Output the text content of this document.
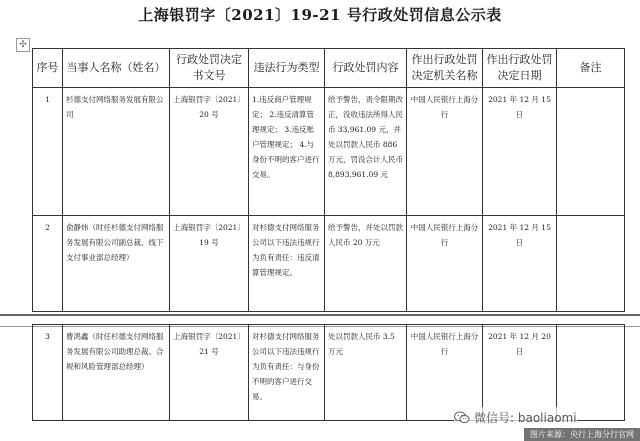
上海银罚字〔2021〕19-21 号行政处罚信息公示表
✣
序号	当事人名称（姓名）	行政处罚决定书文号	违法行为类型	行政处罚内容	作出行政处罚决定机关名称	作出行政处罚决定日期	备注
1	杉德支付网络服务发展有限公司	上海银罚字〔2021〕20 号	1.违反商户管理规定； 2.违反清算管理规定； 3.违反账户管理规定； 4.与身份不明的客户进行交易。	给予警告，责令限期改正，没收违法所得人民币 33,961.09 元，并处以罚款人民币 886 万元，罚没合计人民币 8,893,961.09 元	中国人民银行上海分行	2021 年 12 月 15 日	
2	俞静炜（时任杉德支付网络服务发展有限公司副总裁、线下支付事业部总经理）	上海银罚字〔2021〕19 号	对杉德支付网络服务公司以下违法违规行为负有责任：违反清算管理规定。	给予警告，并处以罚款人民币 20 万元	中国人民银行上海分行	2021 年 12 月 15 日	
3	曹鸿鑫（时任杉德支付网络服务发展有限公司助理总裁、合规和风险管理部总经理）	上海银罚字〔2021〕21 号	对杉德支付网络服务公司以下违法违规行为负有责任：与身份不明的客户进行交易。	处以罚款人民币 3.5 万元	中国人民银行上海分行	2021 年 12 月 20 日	
微信号: baoliaomi
图片来源：央行上海分行官网
